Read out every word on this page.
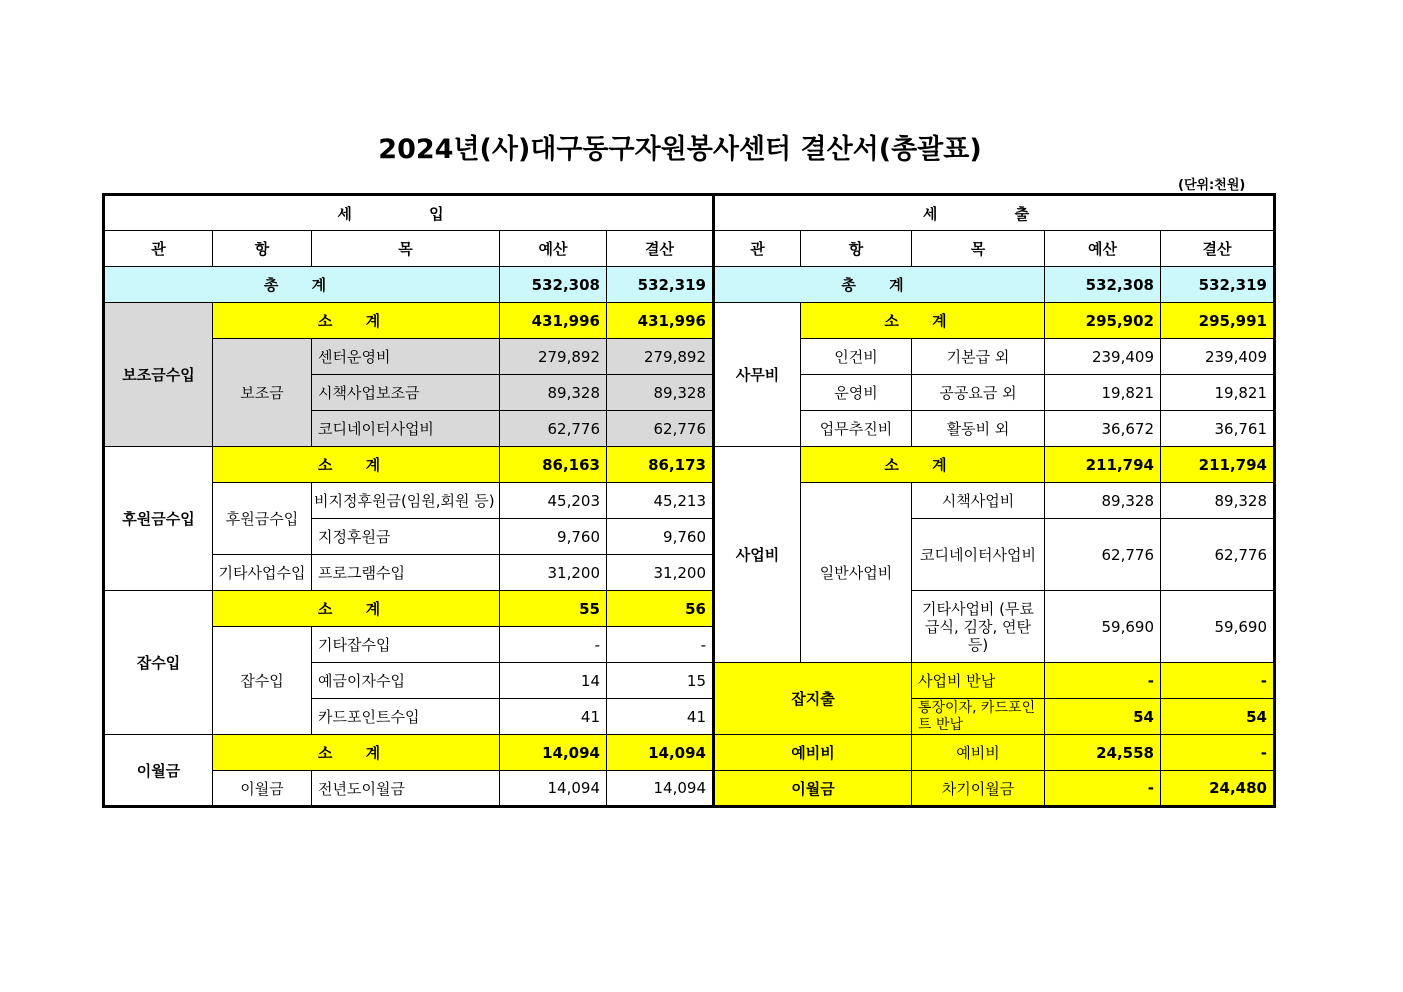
2024년(사)대구동구자원봉사센터 결산서(총괄표)
(단위:천원)
세 입					세 출				
관	항	목	예산	결산	관	항	목	예산	결산
총 계			532,308	532,319	총 계			532,308	532,319
보조금수입	소 계		431,996	431,996	사무비	소 계		295,902	295,991
	보조금	센터운영비	279,892	279,892		인건비	기본급 외	239,409	239,409
		시책사업보조금	89,328	89,328		운영비	공공요금 외	19,821	19,821
		코디네이터사업비	62,776	62,776		업무추진비	활동비 외	36,672	36,761
후원금수입	소 계		86,163	86,173	사업비	소 계		211,794	211,794
	후원금수입	비지정후원금(임원,회원 등)	45,203	45,213		일반사업비	시책사업비	89,328	89,328
		지정후원금	9,760	9,760			코디네이터사업비	62,776	62,776
	기타사업수입	프로그램수입	31,200	31,200					
잡수입	소 계		55	56			기타사업비 (무료급식, 김장, 연탄 등)	59,690	59,690
	잡수입	기타잡수입	-	-					
		예금이자수입	14	15	잡지출		사업비 반납	-	-
		카드포인트수입	41	41			통장이자, 카드포인트 반납	54	54
이월금	소 계		14,094	14,094	예비비		예비비	24,558	-
	이월금	전년도이월금	14,094	14,094	이월금		차기이월금	-	24,480
